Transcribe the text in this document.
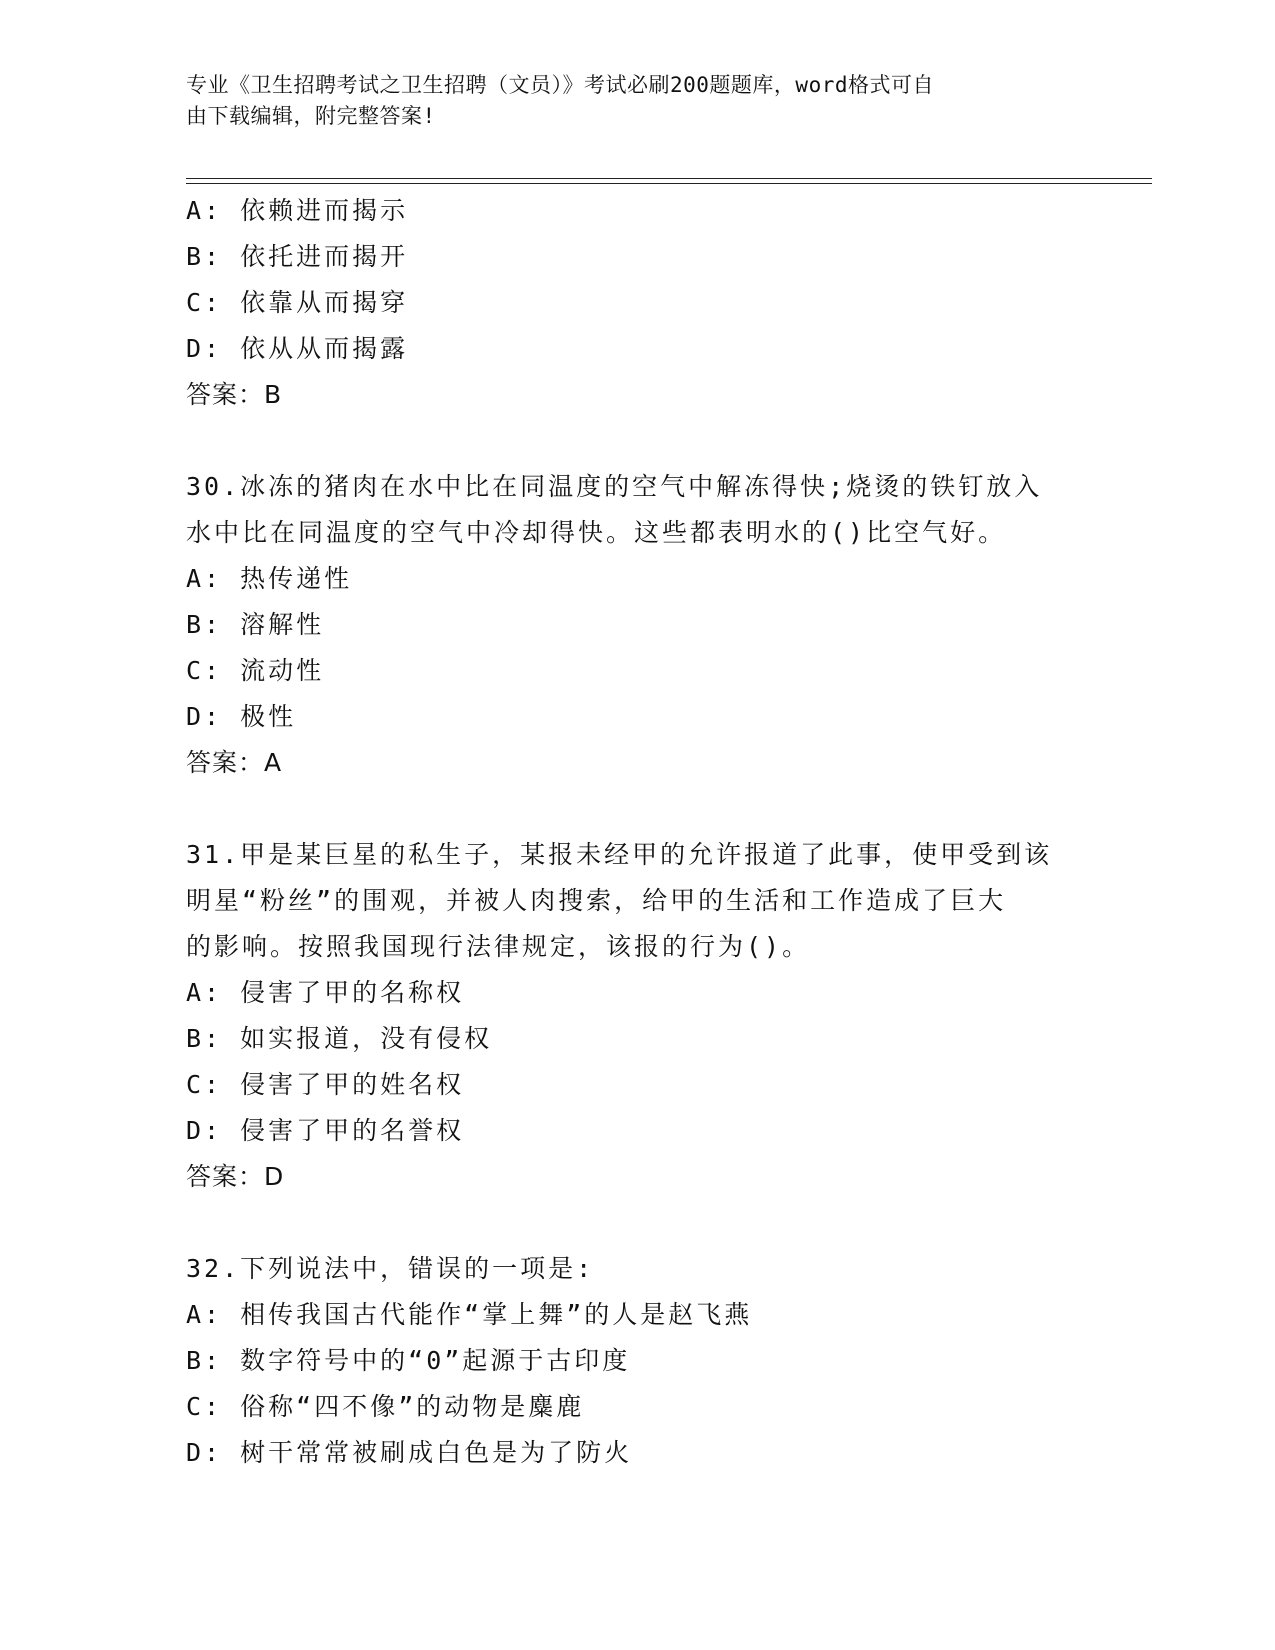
专业《卫生招聘考试之卫生招聘（文员）》考试必刷200题题库，word格式可自
由下载编辑，附完整答案!
A: 依赖进而揭示
B: 依托进而揭开
C: 依靠从而揭穿
D: 依从从而揭露
答案：B
30.冰冻的猪肉在水中比在同温度的空气中解冻得快;烧烫的铁钉放入
水中比在同温度的空气中冷却得快。这些都表明水的()比空气好。
A: 热传递性
B: 溶解性
C: 流动性
D: 极性
答案：A
31.甲是某巨星的私生子，某报未经甲的允许报道了此事，使甲受到该
明星“粉丝”的围观，并被人肉搜索，给甲的生活和工作造成了巨大
的影响。按照我国现行法律规定，该报的行为()。
A: 侵害了甲的名称权
B: 如实报道，没有侵权
C: 侵害了甲的姓名权
D: 侵害了甲的名誉权
答案：D
32.下列说法中，错误的一项是:
A: 相传我国古代能作“掌上舞”的人是赵飞燕
B: 数字符号中的“0”起源于古印度
C: 俗称“四不像”的动物是麋鹿
D: 树干常常被刷成白色是为了防火
